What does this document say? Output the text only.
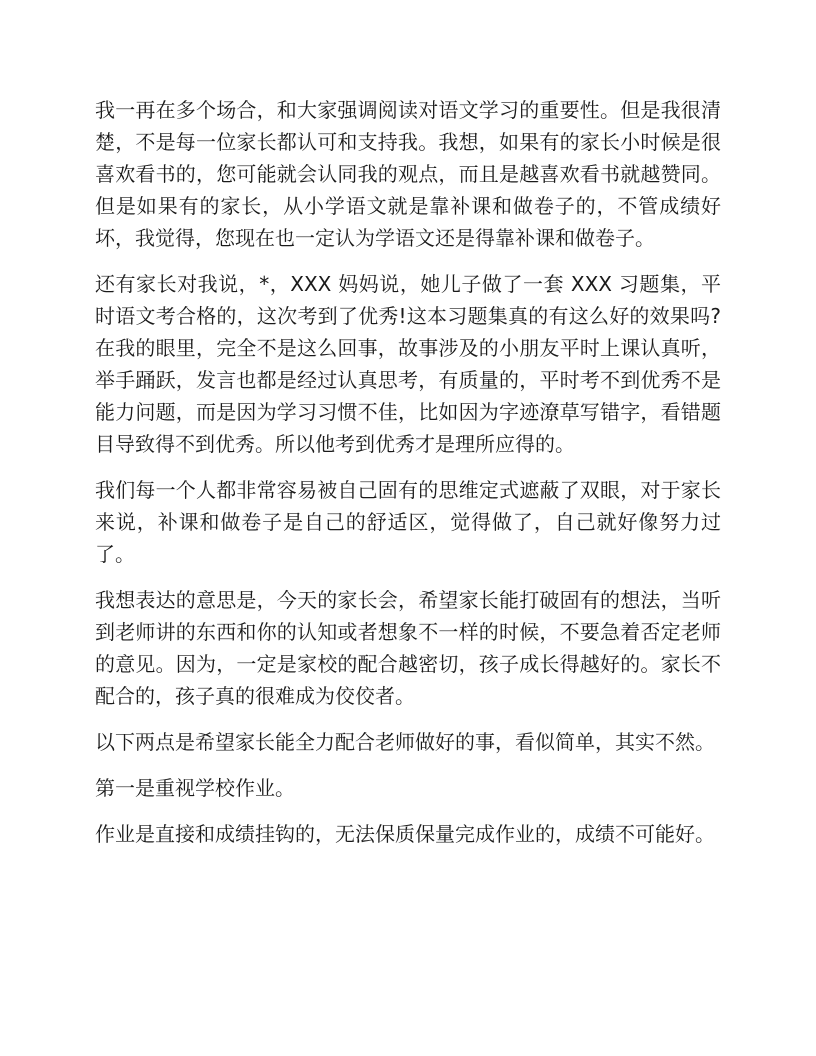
我一再在多个场合，和大家强调阅读对语文学习的重要性。但是我很清楚，不是每一位家长都认可和支持我。我想，如果有的家长小时候是很喜欢看书的，您可能就会认同我的观点，而且是越喜欢看书就越赞同。但是如果有的家长，从小学语文就是靠补课和做卷子的，不管成绩好坏，我觉得，您现在也一定认为学语文还是得靠补课和做卷子。

还有家长对我说，*，XXX 妈妈说，她儿子做了一套 XXX 习题集，平时语文考合格的，这次考到了优秀!这本习题集真的有这么好的效果吗?在我的眼里，完全不是这么回事，故事涉及的小朋友平时上课认真听，举手踊跃，发言也都是经过认真思考，有质量的，平时考不到优秀不是能力问题，而是因为学习习惯不佳，比如因为字迹潦草写错字，看错题目导致得不到优秀。所以他考到优秀才是理所应得的。

我们每一个人都非常容易被自己固有的思维定式遮蔽了双眼，对于家长来说，补课和做卷子是自己的舒适区，觉得做了，自己就好像努力过了。

我想表达的意思是，今天的家长会，希望家长能打破固有的想法，当听到老师讲的东西和你的认知或者想象不一样的时候，不要急着否定老师的意见。因为，一定是家校的配合越密切，孩子成长得越好的。家长不配合的，孩子真的很难成为佼佼者。

以下两点是希望家长能全力配合老师做好的事，看似简单，其实不然。

第一是重视学校作业。

作业是直接和成绩挂钩的，无法保质保量完成作业的，成绩不可能好。
